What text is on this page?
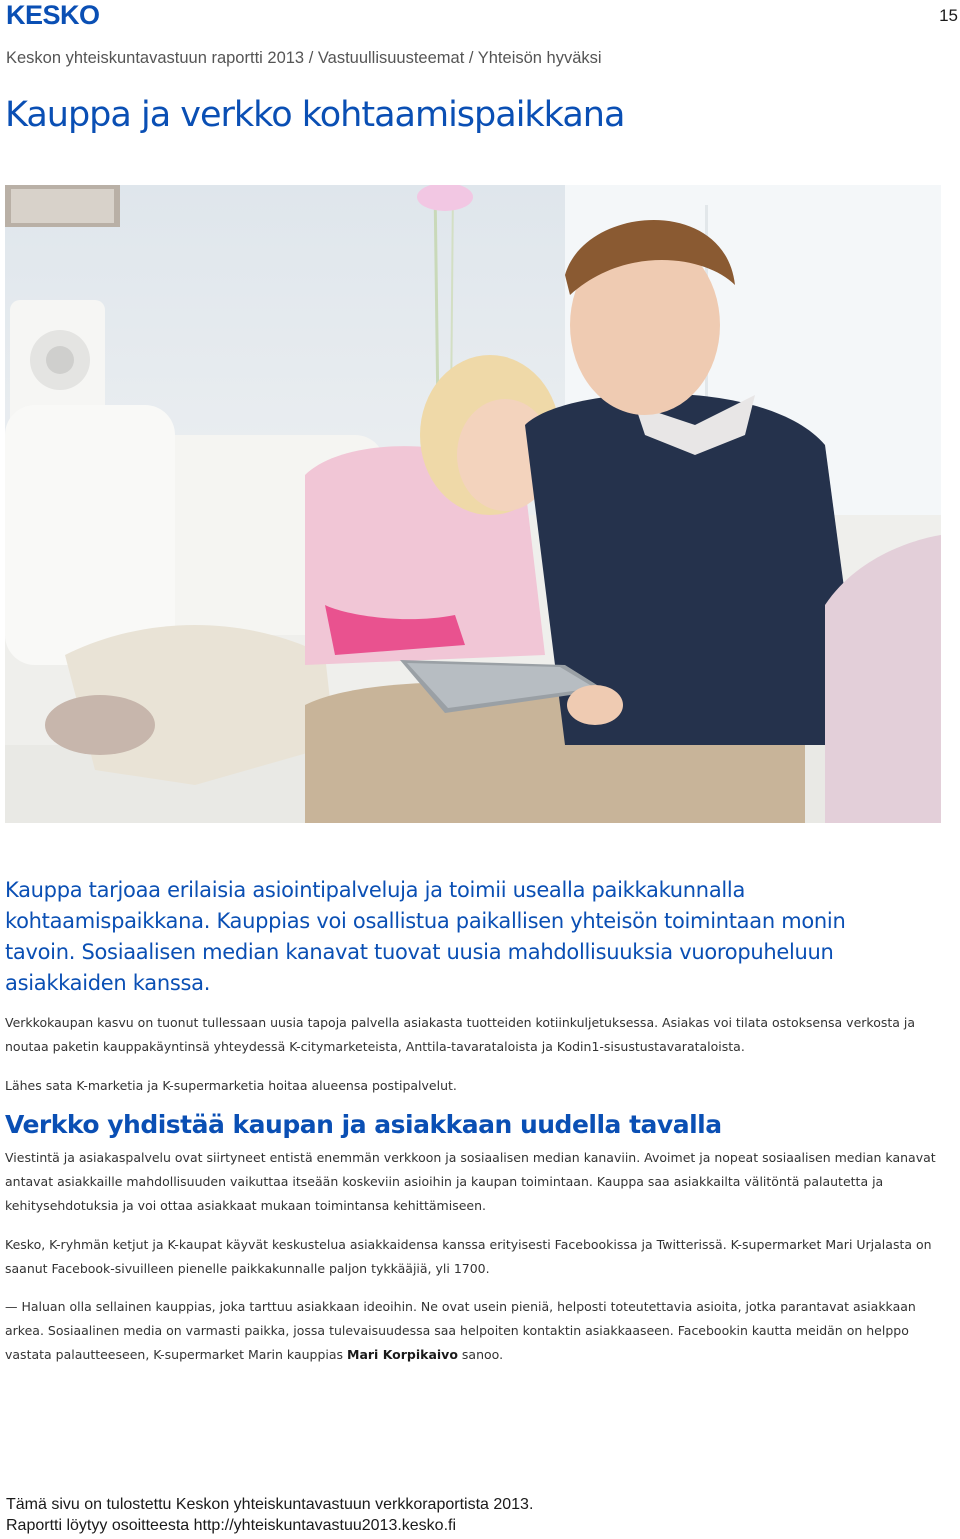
KESKO	15
Keskon yhteiskuntavastuun raportti 2013 / Vastuullisuusteemat / Yhteisön hyväksi
Kauppa ja verkko kohtaamispaikkana

Kauppa tarjoaa erilaisia asiointipalveluja ja toimii usealla paikkakunnalla kohtaamispaikkana. Kauppias voi osallistua paikallisen yhteisön toimintaan monin tavoin. Sosiaalisen median kanavat tuovat uusia mahdollisuuksia vuoropuheluun asiakkaiden kanssa.

Verkkokaupan kasvu on tuonut tullessaan uusia tapoja palvella asiakasta tuotteiden kotiinkuljetuksessa. Asiakas voi tilata ostoksensa verkosta ja noutaa paketin kauppakäyntinsä yhteydessä K-citymarketeista, Anttila-tavarataloista ja Kodin1-sisustustavarataloista.

Lähes sata K-marketia ja K-supermarketia hoitaa alueensa postipalvelut.

Verkko yhdistää kaupan ja asiakkaan uudella tavalla

Viestintä ja asiakaspalvelu ovat siirtyneet entistä enemmän verkkoon ja sosiaalisen median kanaviin. Avoimet ja nopeat sosiaalisen median kanavat antavat asiakkaille mahdollisuuden vaikuttaa itseään koskeviin asioihin ja kaupan toimintaan. Kauppa saa asiakkailta välitöntä palautetta ja kehitysehdotuksia ja voi ottaa asiakkaat mukaan toimintansa kehittämiseen.

Kesko, K-ryhmän ketjut ja K-kaupat käyvät keskustelua asiakkaidensa kanssa erityisesti Facebookissa ja Twitterissä. K-supermarket Mari Urjalasta on saanut Facebook-sivuilleen pienelle paikkakunnalle paljon tykkääjiä, yli 1700.

— Haluan olla sellainen kauppias, joka tarttuu asiakkaan ideoihin. Ne ovat usein pieniä, helposti toteutettavia asioita, jotka parantavat asiakkaan arkea. Sosiaalinen media on varmasti paikka, jossa tulevaisuudessa saa helpoiten kontaktin asiakkaaseen. Facebookin kautta meidän on helppo vastata palautteeseen, K-supermarket Marin kauppias Mari Korpikaivo sanoo.

Tämä sivu on tulostettu Keskon yhteiskuntavastuun verkkoraportista 2013.
Raportti löytyy osoitteesta http://yhteiskuntavastuu2013.kesko.fi
